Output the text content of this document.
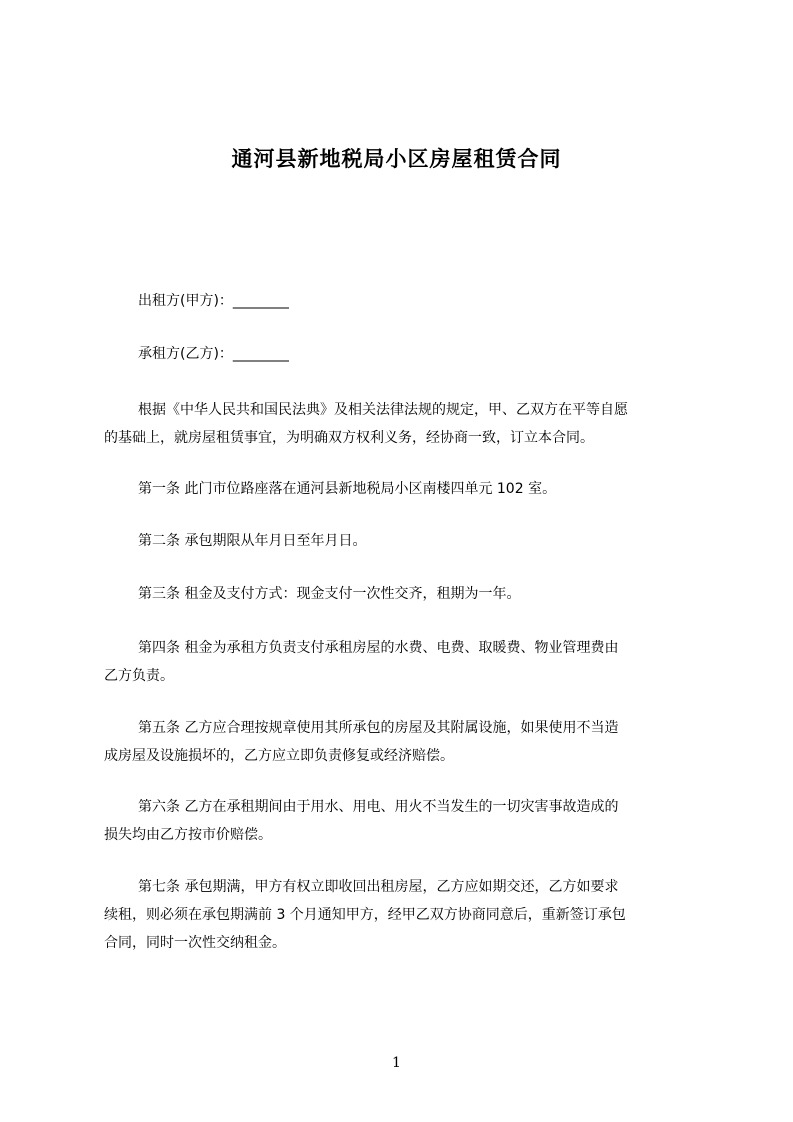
通河县新地税局小区房屋租赁合同
出租方(甲方)：________
承租方(乙方)：________
根据《中华人民共和国民法典》及相关法律法规的规定，甲、乙双方在平等自愿
的基础上，就房屋租赁事宜，为明确双方权利义务，经协商一致，订立本合同。
第一条 此门市位路座落在通河县新地税局小区南楼四单元 102 室。
第二条 承包期限从年月日至年月日。
第三条 租金及支付方式：现金支付一次性交齐，租期为一年。
第四条 租金为承租方负责支付承租房屋的水费、电费、取暖费、物业管理费由
乙方负责。
第五条 乙方应合理按规章使用其所承包的房屋及其附属设施，如果使用不当造
成房屋及设施损坏的，乙方应立即负责修复或经济赔偿。
第六条 乙方在承租期间由于用水、用电、用火不当发生的一切灾害事故造成的
损失均由乙方按市价赔偿。
第七条 承包期满，甲方有权立即收回出租房屋，乙方应如期交还，乙方如要求
续租，则必须在承包期满前 3 个月通知甲方，经甲乙双方协商同意后，重新签订承包
合同，同时一次性交纳租金。
1
